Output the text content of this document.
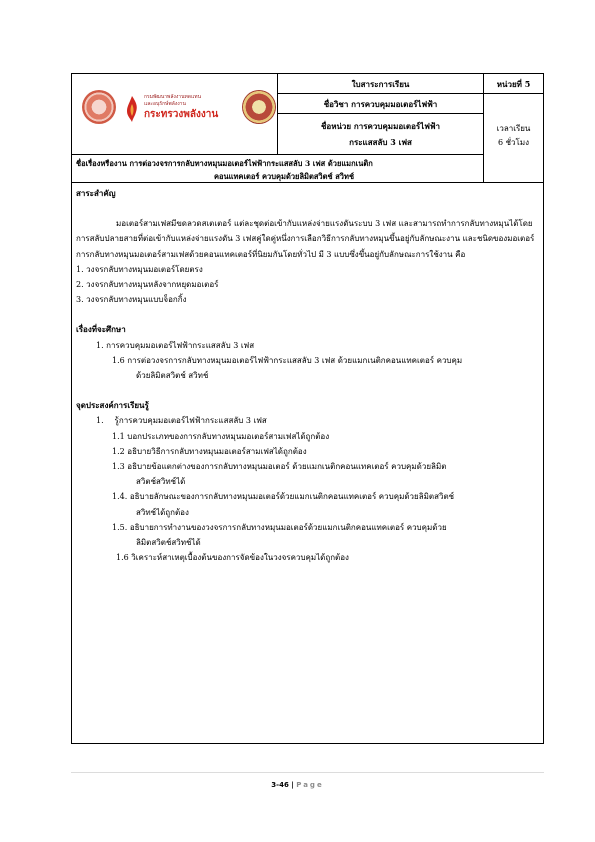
กรมพัฒนาพลังงานทดแทน
และอนุรักษ์พลังงาน
กระทรวงพลังงาน
ใบสาระการเรียน	หน่วยที่ 5
ชื่อวิชา การควบคุมมอเตอร์ไฟฟ้า
ชื่อหน่วย การควบคุมมอเตอร์ไฟฟ้า
กระแสสลับ 3 เฟส
เวลาเรียน
6 ชั่วโมง
ชื่อเรื่องหรืองาน การต่อวงจรการกลับทางหมุนมอเตอร์ไฟฟ้ากระแสสลับ 3 เฟส ด้วยแมกเนติก
คอนแทคเตอร์ ควบคุมด้วยลิมิตสวิตช์ สวิทช์
สาระสำคัญ
มอเตอร์สามเฟสมีขดลวดสเตเตอร์ แต่ละชุดต่อเข้ากับแหล่งจ่ายแรงดันระบบ 3 เฟส และสามารถทำการกลับทางหมุนได้โดยการสลับปลายสายที่ต่อเข้ากับแหล่งจ่ายแรงดัน 3 เฟสคู่ใดคู่หนึ่งการเลือกวิธีการกลับทางหมุนขึ้นอยู่กับลักษณะงาน และชนิดของมอเตอร์ การกลับทางหมุนมอเตอร์สามเฟสด้วยคอนแทคเตอร์ที่นิยมกันโดยทั่วไป มี 3 แบบซึ่งขึ้นอยู่กับลักษณะการใช้งาน คือ
1. วงจรกลับทางหมุนมอเตอร์โดยตรง
2. วงจรกลับทางหมุนหลังจากหยุดมอเตอร์
3. วงจรกลับทางหมุนแบบจ็อกกิ้ง
เรื่องที่จะศึกษา
1. การควบคุมมอเตอร์ไฟฟ้ากระแสสลับ 3 เฟส
1.6 การต่อวงจรการกลับทางหมุนมอเตอร์ไฟฟ้ากระแสสลับ 3 เฟส ด้วยแมกเนติกคอนแทคเตอร์ ควบคุม
ด้วยลิมิตสวิตช์ สวิทช์
จุดประสงค์การเรียนรู้
1. รู้การควบคุมมอเตอร์ไฟฟ้ากระแสสลับ 3 เฟส
1.1 บอกประเภทของการกลับทางหมุนมอเตอร์สามเฟสได้ถูกต้อง
1.2 อธิบายวิธีการกลับทางหมุนมอเตอร์สามเฟสได้ถูกต้อง
1.3 อธิบายข้อแตกต่างของการกลับทางหมุนมอเตอร์ ด้วยแมกเนติกคอนแทคเตอร์ ควบคุมด้วยลิมิต
สวิตช์สวิทช์ได้
1.4. อธิบายลักษณะของการกลับทางหมุนมอเตอร์ด้วยแมกเนติกคอนแทคเตอร์ ควบคุมด้วยลิมิตสวิตช์
สวิทช์ได้ถูกต้อง
1.5. อธิบายการทำงานของวงจรการกลับทางหมุนมอเตอร์ด้วยแมกเนติกคอนแทคเตอร์ ควบคุมด้วย
ลิมิตสวิตช์สวิทช์ได้
1.6 วิเคราะห์สาเหตุเบื้องต้นของการจัดข้องในวงจรควบคุมได้ถูกต้อง
3-46 | Page
